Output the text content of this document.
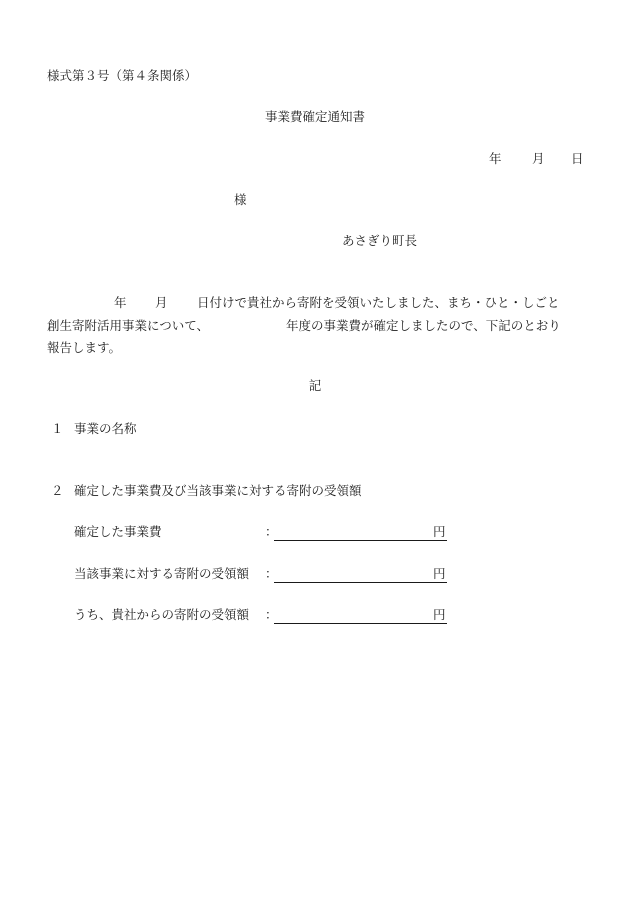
様式第３号（第４条関係）
事業費確定通知書
年 月 日
様
あさぎり町長
年 月 日付けで貴社から寄附を受領いたしました、まち・ひと・しごと
創生寄附活用事業について、	年度の事業費が確定しましたので、下記のとおり
報告します。
記
１ 事業の名称
２ 確定した事業費及び当該事業に対する寄附の受領額
確定した事業費	：	円
当該事業に対する寄附の受領額 ：	円
うち、貴社からの寄附の受領額 ：	円
